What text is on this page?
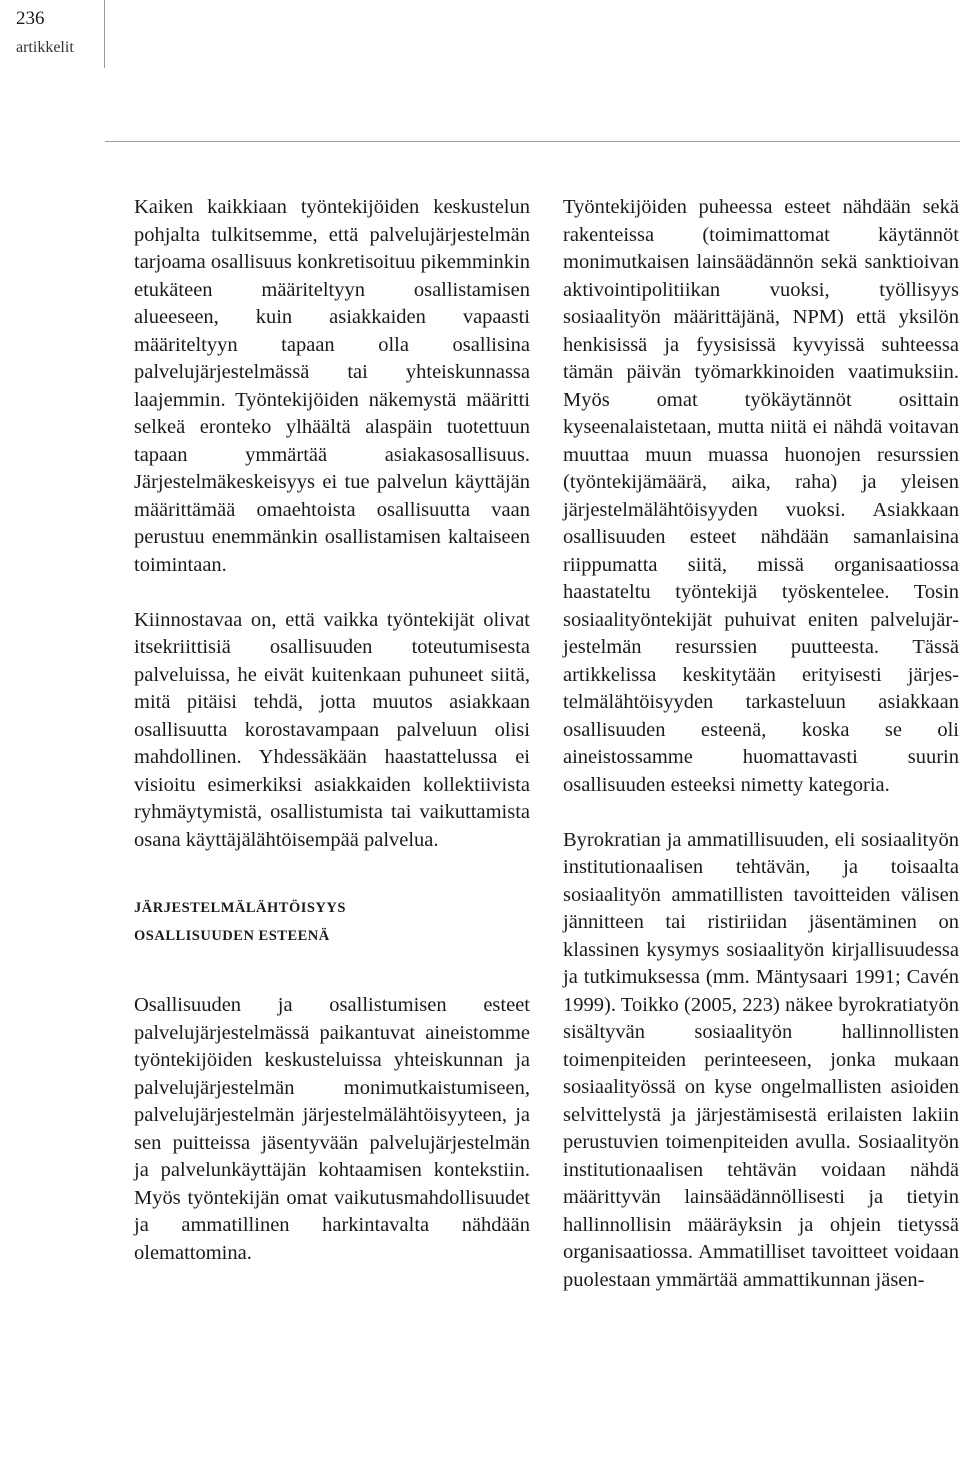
236
artikkelit

Kaiken kaikkiaan työntekijöiden keskustelun pohjalta tulkitsemme, että palvelujärjestelmän tarjoama osallisuus konkretisoituu pikemminkin etukäteen määriteltyyn osallistamisen alueeseen, kuin asiakkaiden vapaasti määriteltyyn tapaan olla osallisina palvelujärjestelmässä tai yhteiskunnassa laajemmin. Työntekijöiden näkemystä määritti selkeä eronteko ylhäältä alaspäin tuotettuun tapaan ymmärtää asiakasosallisuus. Järjestelmäkeskeisyys ei tue palvelun käyttäjän määrittämää omaehtoista osallisuutta vaan perustuu enemmänkin osallistamisen kaltaiseen toimintaan.

Kiinnostavaa on, että vaikka työntekijät olivat itsekriittisiä osallisuuden toteutumisesta palveluissa, he eivät kuitenkaan puhuneet siitä, mitä pitäisi tehdä, jotta muutos asiakkaan osallisuutta korostavampaan palveluun olisi mahdollinen. Yhdessäkään haastattelussa ei visioitu esimerkiksi asiakkaiden kollektiivista ryhmäytymistä, osallistumista tai vaikuttamista osana käyttäjälähtöisempää palvelua.

JÄRJESTELMÄLÄHTÖISYYS
OSALLISUUDEN ESTEENÄ

Osallisuuden ja osallistumisen esteet palvelujärjestelmässä paikantuvat aineistomme työntekijöiden keskusteluissa yhteiskunnan ja palvelujärjestelmän monimutkaistumiseen, palvelujärjestelmän järjestelmälähtöisyyteen, ja sen puitteissa jäsentyvään palvelujärjestelmän ja palvelunkäyttäjän kohtaamisen kontekstiin. Myös työntekijän omat vaikutusmahdollisuudet ja ammatillinen harkintavalta nähdään olemattomina.

Työntekijöiden puheessa esteet nähdään sekä rakenteissa (toimimattomat käytännöt monimutkaisen lainsäädännön sekä sanktioivan aktivointipolitiikan vuoksi, työllisyys sosiaalityön määrittäjänä, NPM) että yksilön henkisissä ja fyysisissä kyvyissä suhteessa tämän päivän työmarkkinoiden vaatimuksiin. Myös omat työkäytännöt osittain kyseenalaistetaan, mutta niitä ei nähdä voitavan muuttaa muun muassa huonojen resurssien (työntekijämäärä, aika, raha) ja yleisen järjestelmälähtöisyyden vuoksi. Asiakkaan osallisuuden esteet nähdään samanlaisina riippumatta siitä, missä organisaatiossa haastateltu työntekijä työskentelee. Tosin sosiaalityöntekijät puhuivat eniten palvelujärjestelmän resurssien puutteesta. Tässä artikkelissa keskitytään erityisesti järjestelmälähtöisyyden tarkasteluun asiakkaan osallisuuden esteenä, koska se oli aineistossamme huomattavasti suurin osallisuuden esteeksi nimetty kategoria.

Byrokratian ja ammatillisuuden, eli sosiaalityön institutionaalisen tehtävän, ja toisaalta sosiaalityön ammatillisten tavoitteiden välisen jännitteen tai ristiriidan jäsentäminen on klassinen kysymys sosiaalityön kirjallisuudessa ja tutkimuksessa (mm. Mäntysaari 1991; Cavén 1999). Toikko (2005, 223) näkee byrokratiatyön sisältyvän sosiaalityön hallinnollisten toimenpiteiden perinteeseen, jonka mukaan sosiaalityössä on kyse ongelmallisten asioiden selvittelystä ja järjestämisestä erilaisten lakiin perustuvien toimenpiteiden avulla. Sosiaalityön institutionaalisen tehtävän voidaan nähdä määrittyvän lainsäädännöllisesti ja tietyin hallinnollisin määräyksin ja ohjein tietyssä organisaatiossa. Ammatilliset tavoitteet voidaan puolestaan ymmärtää ammattikunnan jäsen-
